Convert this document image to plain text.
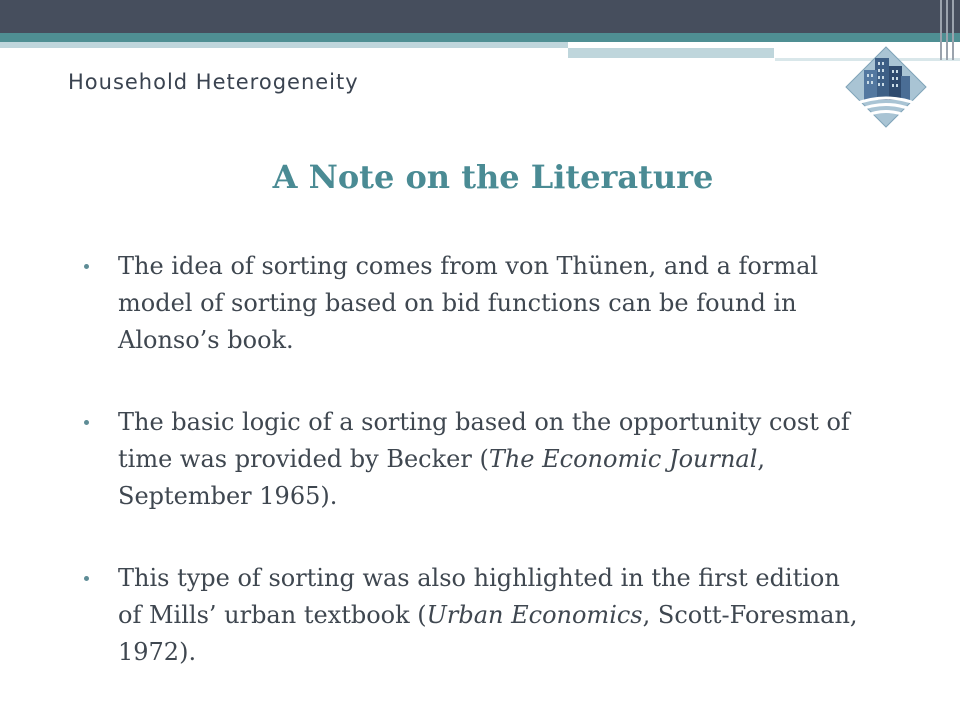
Household Heterogeneity
A Note on the Literature
The idea of sorting comes from von Thünen, and a formal model of sorting based on bid functions can be found in Alonso’s book.
The basic logic of a sorting based on the opportunity cost of time was provided by Becker (The Economic Journal, September 1965).
This type of sorting was also highlighted in the first edition of Mills’ urban textbook (Urban Economics, Scott-Foresman, 1972).
